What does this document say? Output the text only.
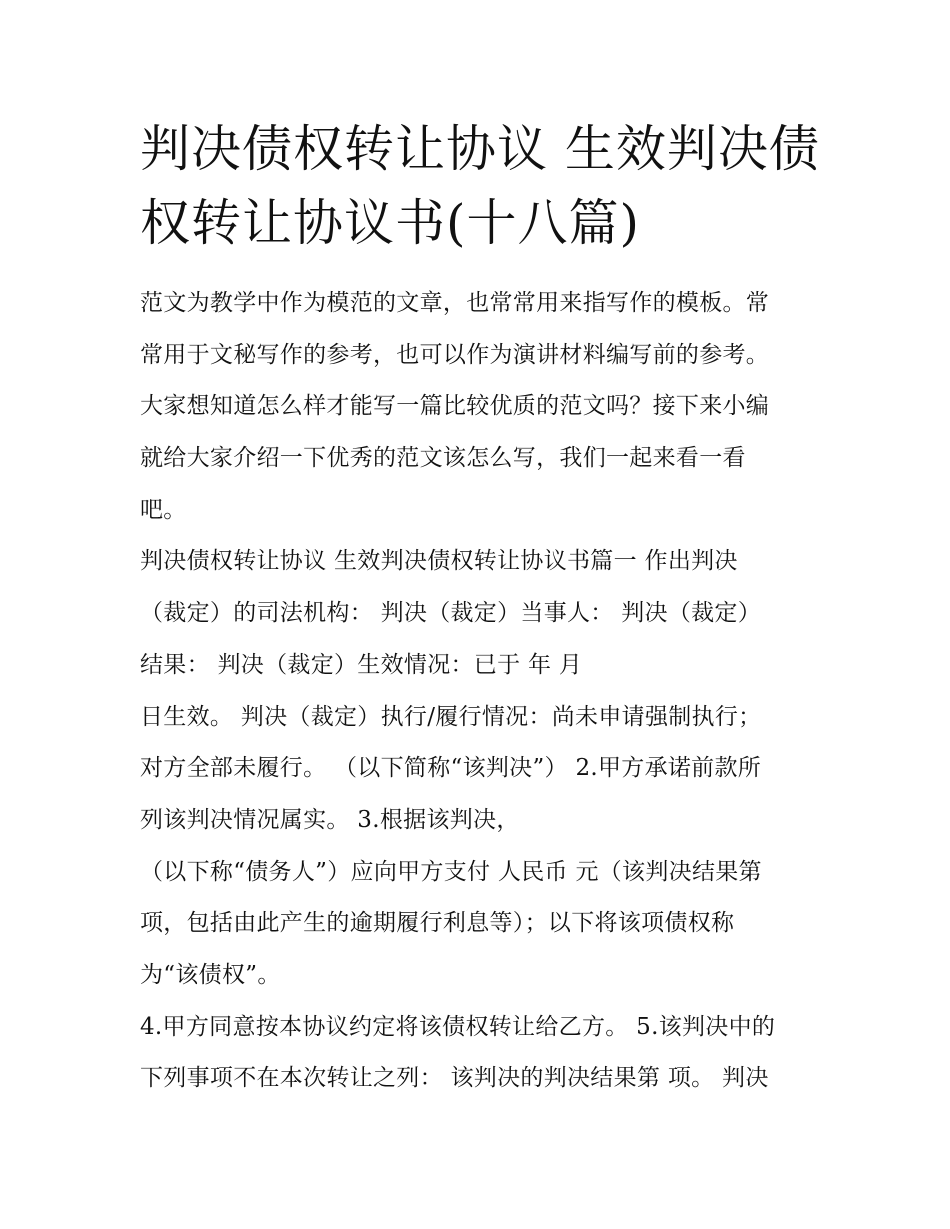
判决债权转让协议 生效判决债
权转让协议书(十八篇)
范文为教学中作为模范的文章，也常常用来指写作的模板。常
常用于文秘写作的参考，也可以作为演讲材料编写前的参考。
大家想知道怎么样才能写一篇比较优质的范文吗？接下来小编
就给大家介绍一下优秀的范文该怎么写，我们一起来看一看
吧。
判决债权转让协议 生效判决债权转让协议书篇一 作出判决
（裁定）的司法机构： 判决（裁定）当事人： 判决（裁定）
结果： 判决（裁定）生效情况：已于 年 月
日生效。 判决（裁定）执行/履行情况：尚未申请强制执行；
对方全部未履行。 （以下简称“该判决”） 2.甲方承诺前款所
列该判决情况属实。 3.根据该判决，
（以下称“债务人”）应向甲方支付 人民币 元（该判决结果第
项，包括由此产生的逾期履行利息等）；以下将该项债权称
为“该债权”。
4.甲方同意按本协议约定将该债权转让给乙方。 5.该判决中的
下列事项不在本次转让之列： 该判决的判决结果第 项。 判决
